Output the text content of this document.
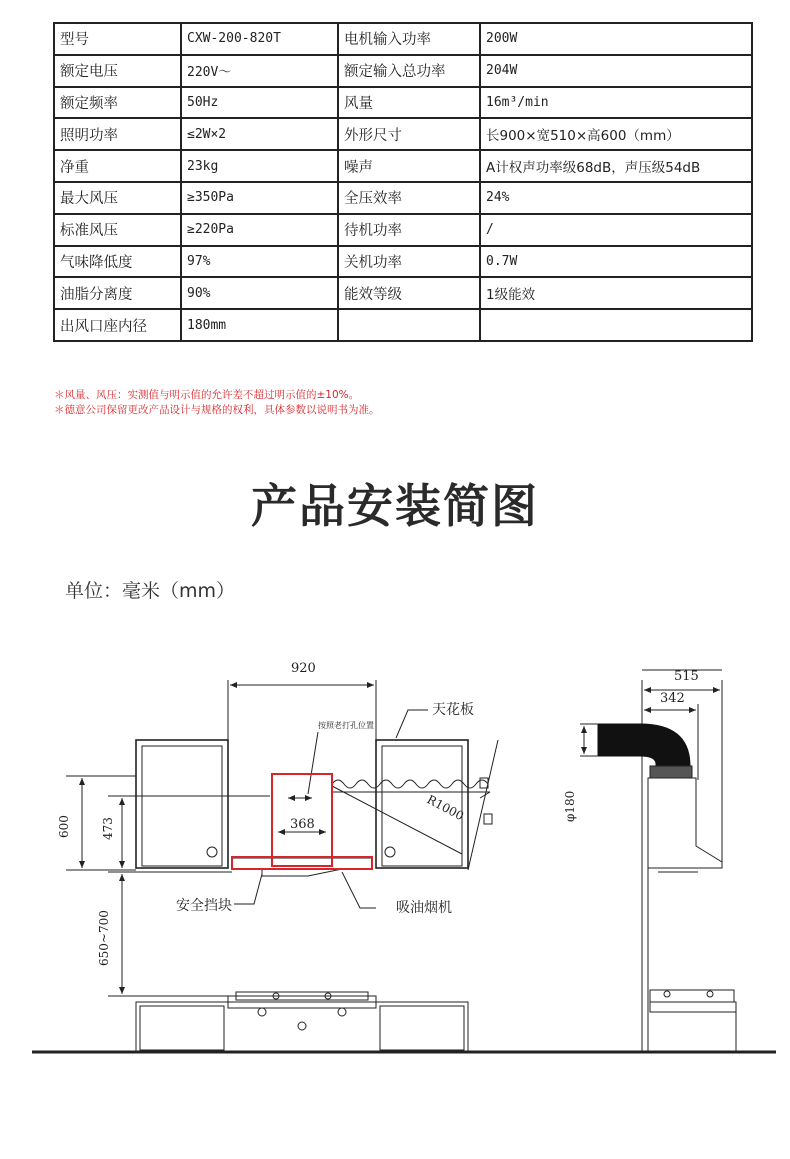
型号	CXW-200-820T	电机输入功率	200W
额定电压	220V～	额定输入总功率	204W
额定频率	50Hz	风量	16m³/min
照明功率	≤2W×2	外形尺寸	长900×宽510×高600（mm）
净重	23kg	噪声	A计权声功率级68dB，声压级54dB
最大风压	≥350Pa	全压效率	24%
标准风压	≥220Pa	待机功率	/
气味降低度	97%	关机功率	0.7W
油脂分离度	90%	能效等级	1级能效
出风口座内径	180mm		
＊风量、风压：实测值与明示值的允许差不超过明示值的±10%。
＊德意公司保留更改产品设计与规格的权利，具体参数以说明书为准。
产品安装简图
单位：毫米（mm）
920
600	473	368
650~700
515
342
φ180
R1000
天花板
按照老打孔位置
安全挡块	吸油烟机
